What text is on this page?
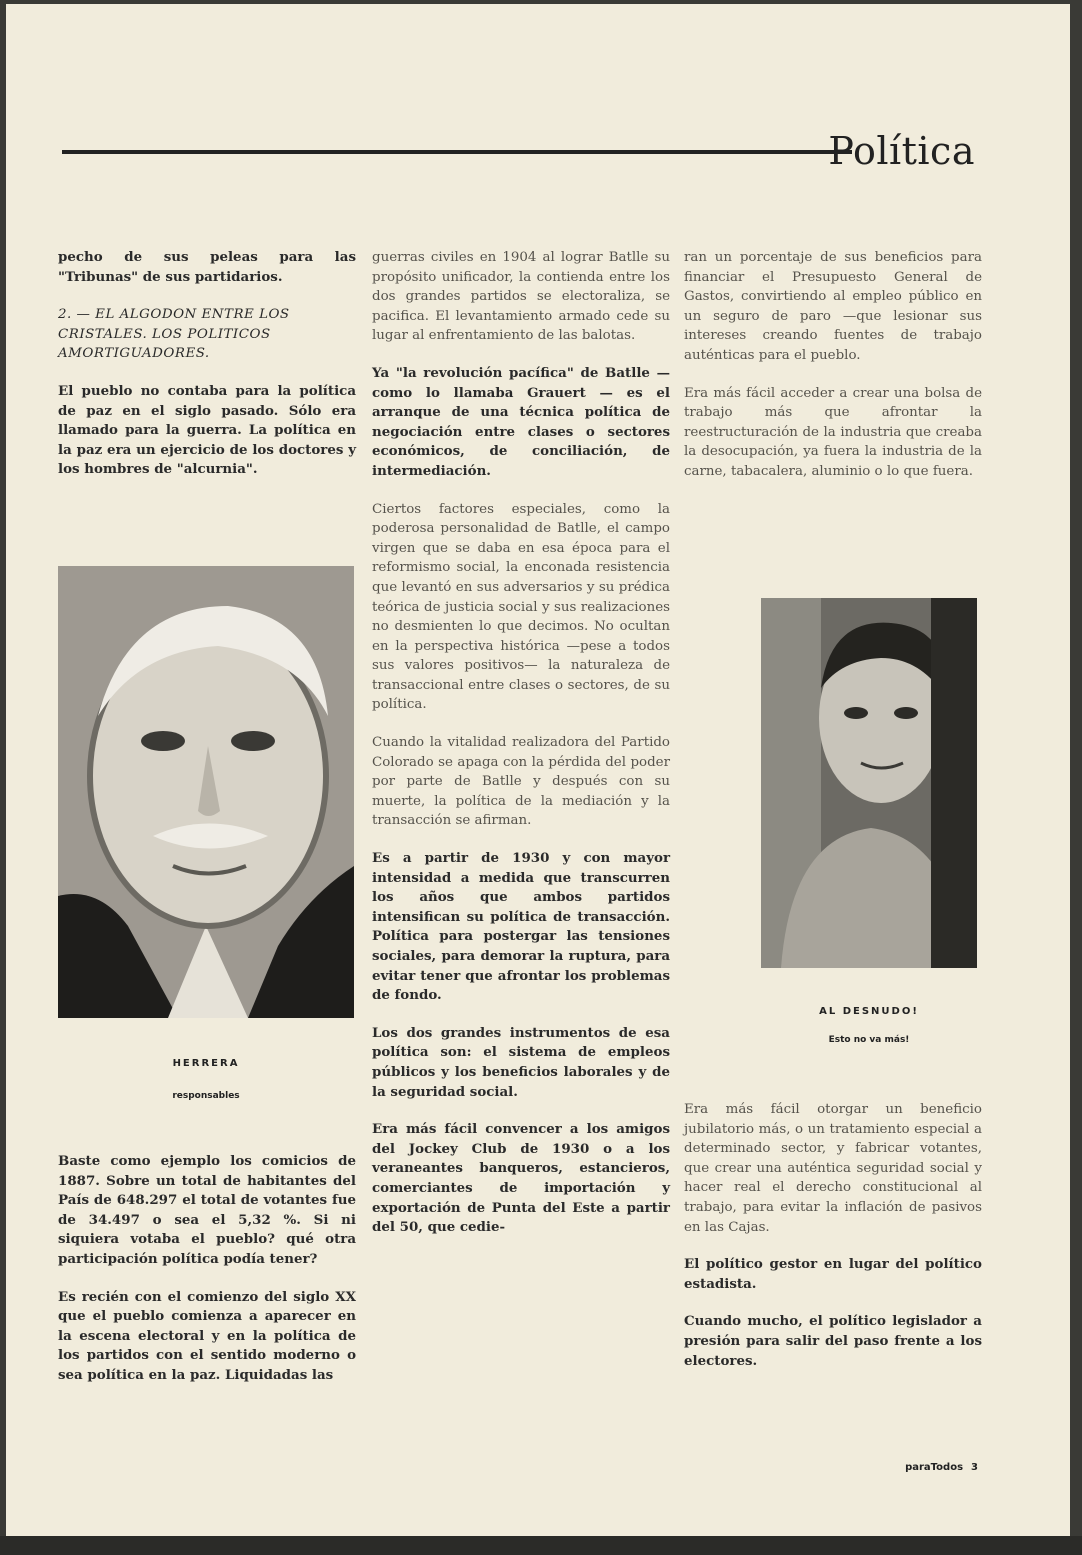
Política

pecho de sus peleas para las "Tribunas" de sus partidarios.

2. — EL ALGODON ENTRE LOS CRISTALES. LOS POLITICOS AMORTIGUADORES.

El pueblo no contaba para la política de paz en el siglo pasado. Sólo era llamado para la guerra. La política en la paz era un ejercicio de los doctores y los hombres de "alcurnia".

HERRERA
responsables

Baste como ejemplo los comicios de 1887. Sobre un total de habitantes del País de 648.297 el total de votantes fue de 34.497 o sea el 5,32 %. Si ni siquiera votaba el pueblo? qué otra participación política podía tener?

Es recién con el comienzo del siglo XX que el pueblo comienza a aparecer en la escena electoral y en la política de los partidos con el sentido moderno o sea política en la paz. Liquidadas las

guerras civiles en 1904 al lograr Batlle su propósito unificador, la contienda entre los dos grandes partidos se electoraliza, se pacifica. El levantamiento armado cede su lugar al enfrentamiento de las balotas.

Ya "la revolución pacífica" de Batlle —como lo llamaba Grauert — es el arranque de una técnica política de negociación entre clases o sectores económicos, de conciliación, de intermediación.

Ciertos factores especiales, como la poderosa personalidad de Batlle, el campo virgen que se daba en esa época para el reformismo social, la enconada resistencia que levantó en sus adversarios y su prédica teórica de justicia social y sus realizaciones no desmienten lo que decimos. No ocultan en la perspectiva histórica —pese a todos sus valores positivos— la naturaleza de transaccional entre clases o sectores, de su política.

Cuando la vitalidad realizadora del Partido Colorado se apaga con la pérdida del poder por parte de Batlle y después con su muerte, la política de la mediación y la transacción se afirman.

Es a partir de 1930 y con mayor intensidad a medida que transcurren los años que ambos partidos intensifican su política de transacción. Política para postergar las tensiones sociales, para demorar la ruptura, para evitar tener que afrontar los problemas de fondo.

Los dos grandes instrumentos de esa política son: el sistema de empleos públicos y los beneficios laborales y de la seguridad social.

Era más fácil convencer a los amigos del Jockey Club de 1930 o a los veraneantes banqueros, estancieros, comerciantes de importación y exportación de Punta del Este a partir del 50, que cedie-

ran un porcentaje de sus beneficios para financiar el Presupuesto General de Gastos, convirtiendo al empleo público en un seguro de paro —que lesionar sus intereses creando fuentes de trabajo auténticas para el pueblo.

Era más fácil acceder a crear una bolsa de trabajo más que afrontar la reestructuración de la industria que creaba la desocupación, ya fuera la industria de la carne, tabacalera, aluminio o lo que fuera.

AL DESNUDO!
Esto no va más!

Era más fácil otorgar un beneficio jubilatorio más, o un tratamiento especial a determinado sector, y fabricar votantes, que crear una auténtica seguridad social y hacer real el derecho constitucional al trabajo, para evitar la inflación de pasivos en las Cajas.

El político gestor en lugar del político estadista.

Cuando mucho, el político legislador a presión para salir del paso frente a los electores.

paraTodos 3
